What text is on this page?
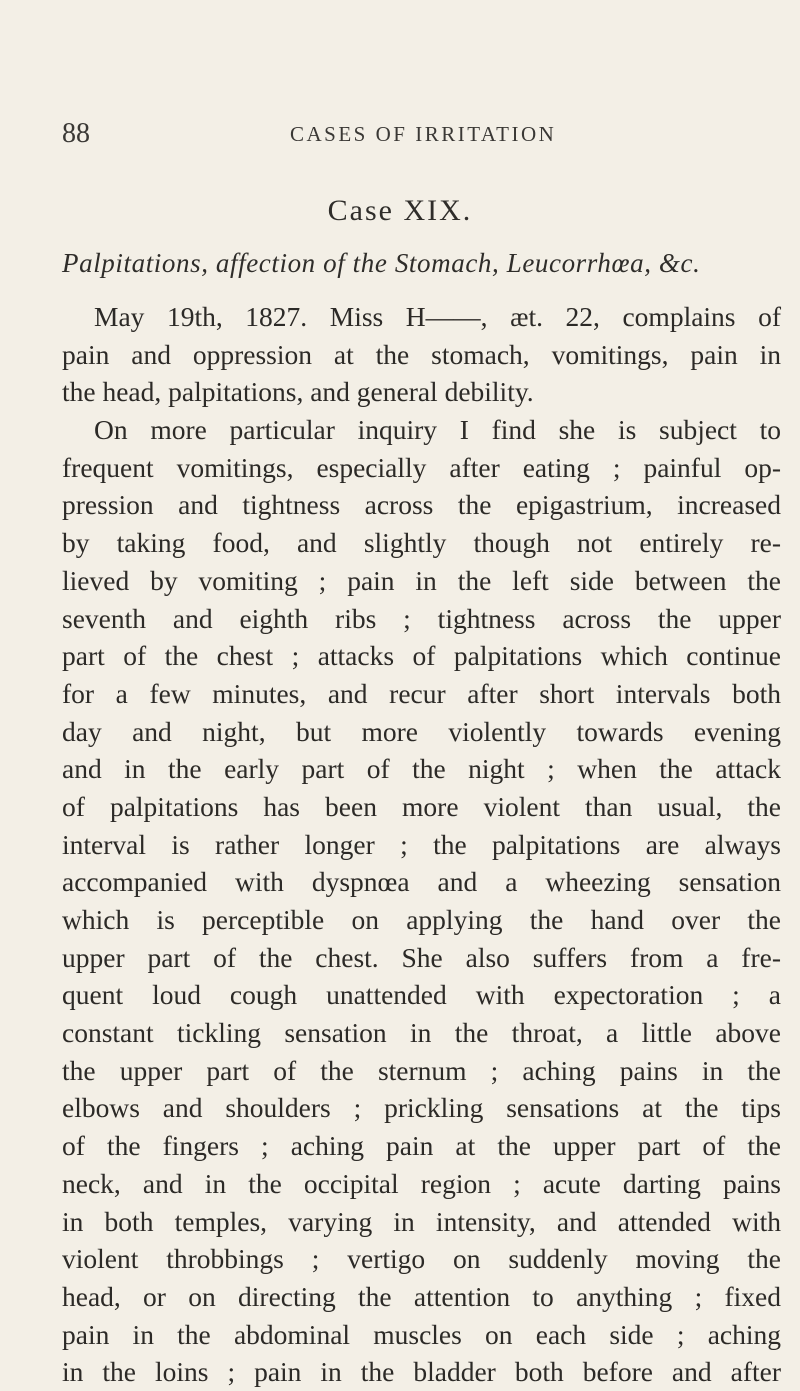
88	CASES OF IRRITATION
Case XIX.
Palpitations, affection of the Stomach, Leucorrhœa, &c.
May 19th, 1827. Miss H——, æt. 22, complains of
pain and oppression at the stomach, vomitings, pain in
the head, palpitations, and general debility.
On more particular inquiry I find she is subject to
frequent vomitings, especially after eating ; painful op-
pression and tightness across the epigastrium, increased
by taking food, and slightly though not entirely re-
lieved by vomiting ; pain in the left side between the
seventh and eighth ribs ; tightness across the upper
part of the chest ; attacks of palpitations which continue
for a few minutes, and recur after short intervals both
day and night, but more violently towards evening
and in the early part of the night ; when the attack
of palpitations has been more violent than usual, the
interval is rather longer ; the palpitations are always
accompanied with dyspnœa and a wheezing sensation
which is perceptible on applying the hand over the
upper part of the chest. She also suffers from a fre-
quent loud cough unattended with expectoration ; a
constant tickling sensation in the throat, a little above
the upper part of the sternum ; aching pains in the
elbows and shoulders ; prickling sensations at the tips
of the fingers ; aching pain at the upper part of the
neck, and in the occipital region ; acute darting pains
in both temples, varying in intensity, and attended with
violent throbbings ; vertigo on suddenly moving the
head, or on directing the attention to anything ; fixed
pain in the abdominal muscles on each side ; aching
in the loins ; pain in the bladder both before and after
